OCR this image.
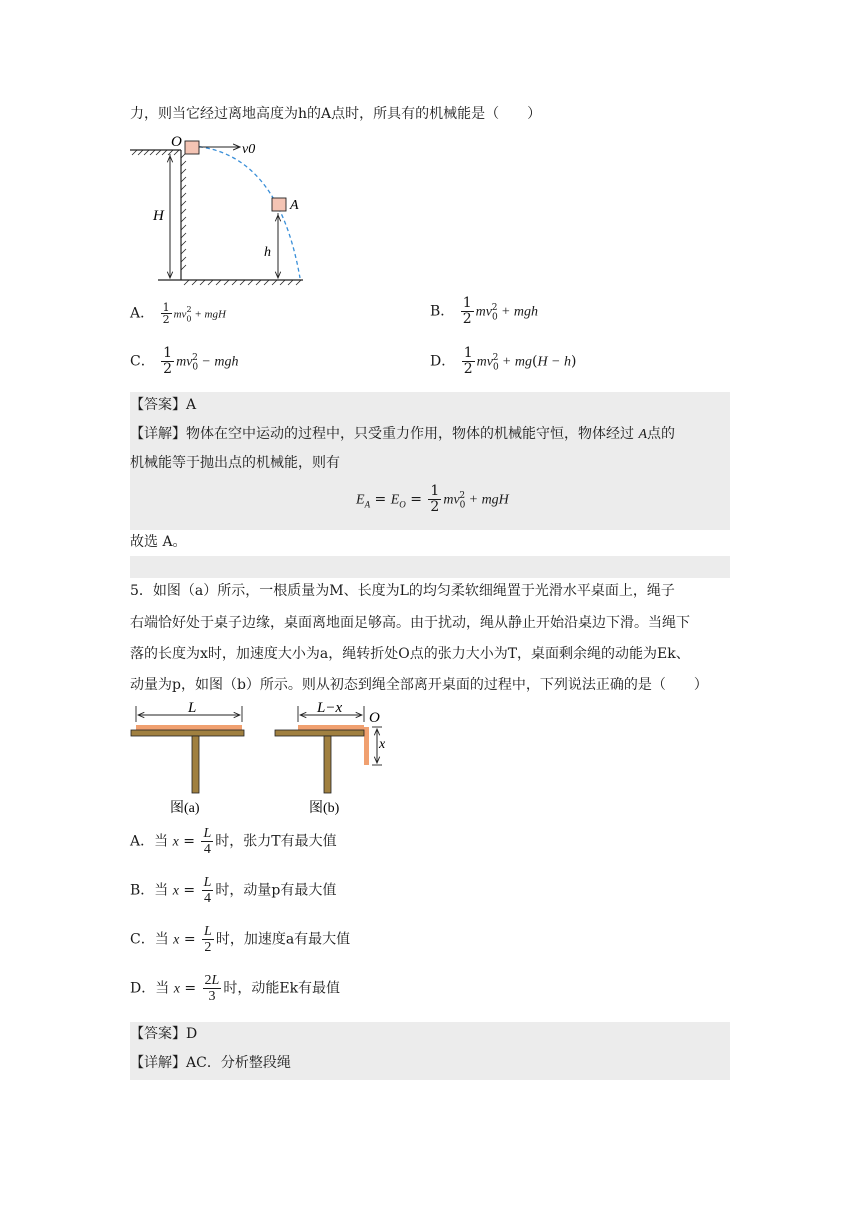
力，则当它经过离地高度为h的A点时，所具有的机械能是（　　）
O	v0
A
H
h
A． $\frac{1}{2} mv_0^2$ + mgH	B． $\frac{1}{2} mv_0^2$ + mgh
C． $\frac{1}{2} mv_0^2$ − mgh	D． $\frac{1}{2} mv_0^2 + mg(H - h)$
【答案】A
【详解】物体在空中运动的过程中，只受重力作用，物体的机械能守恒，物体经过 A点的
机械能等于抛出点的机械能，则有
$E_A = E_O = \frac{1}{2} mv_0^2$ + mgH
故选 A。
5．如图（a）所示，一根质量为M、长度为L的均匀柔软细绳置于光滑水平桌面上，绳子
右端恰好处于桌子边缘，桌面离地面足够高。由于扰动，绳从静止开始沿桌边下滑。当绳下
落的长度为x时，加速度大小为a，绳转折处O点的张力大小为T，桌面剩余绳的动能为Ek、
动量为p，如图（b）所示。则从初态到绳全部离开桌面的过程中，下列说法正确的是（　　）
L
图(a)
L−x
O
x
图(b)
A．当 $x = \frac{L}{4}$ 时，张力T有最大值
B．当 $x = \frac{L}{4}$ 时，动量p有最大值
C．当 $x = \frac{L}{2}$ 时，加速度a有最大值
D．当 $x = \frac{2L}{3}$ 时，动能Ek有最值
【答案】D
【详解】AC．分析整段绳
